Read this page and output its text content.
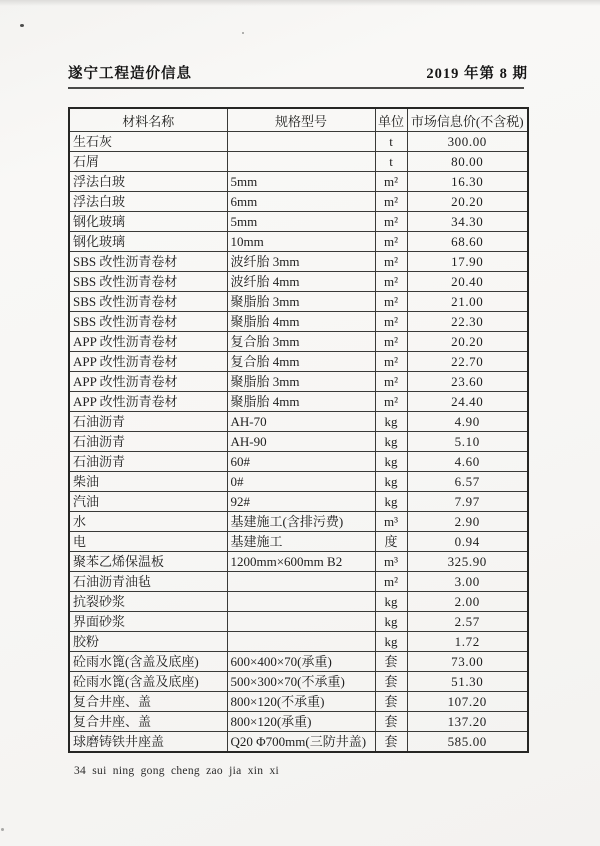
遂宁工程造价信息	2019 年第 8 期
材料名称	规格型号	单位	市场信息价(不含税)
生石灰		t	300.00
石屑		t	80.00
浮法白玻	5mm	m²	16.30
浮法白玻	6mm	m²	20.20
钢化玻璃	5mm	m²	34.30
钢化玻璃	10mm	m²	68.60
SBS 改性沥青卷材	波纤胎 3mm	m²	17.90
SBS 改性沥青卷材	波纤胎 4mm	m²	20.40
SBS 改性沥青卷材	聚脂胎 3mm	m²	21.00
SBS 改性沥青卷材	聚脂胎 4mm	m²	22.30
APP 改性沥青卷材	复合胎 3mm	m²	20.20
APP 改性沥青卷材	复合胎 4mm	m²	22.70
APP 改性沥青卷材	聚脂胎 3mm	m²	23.60
APP 改性沥青卷材	聚脂胎 4mm	m²	24.40
石油沥青	AH-70	kg	4.90
石油沥青	AH-90	kg	5.10
石油沥青	60#	kg	4.60
柴油	0#	kg	6.57
汽油	92#	kg	7.97
水	基建施工(含排污费)	m³	2.90
电	基建施工	度	0.94
聚苯乙烯保温板	1200mm×600mm B2	m³	325.90
石油沥青油毡		m²	3.00
抗裂砂浆		kg	2.00
界面砂浆		kg	2.57
胶粉		kg	1.72
砼雨水篦(含盖及底座)	600×400×70(承重)	套	73.00
砼雨水篦(含盖及底座)	500×300×70(不承重)	套	51.30
复合井座、盖	800×120(不承重)	套	107.20
复合井座、盖	800×120(承重)	套	137.20
球磨铸铁井座盖	Q20 Φ700mm(三防井盖)	套	585.00
34 sui ning gong cheng zao jia xin xi
